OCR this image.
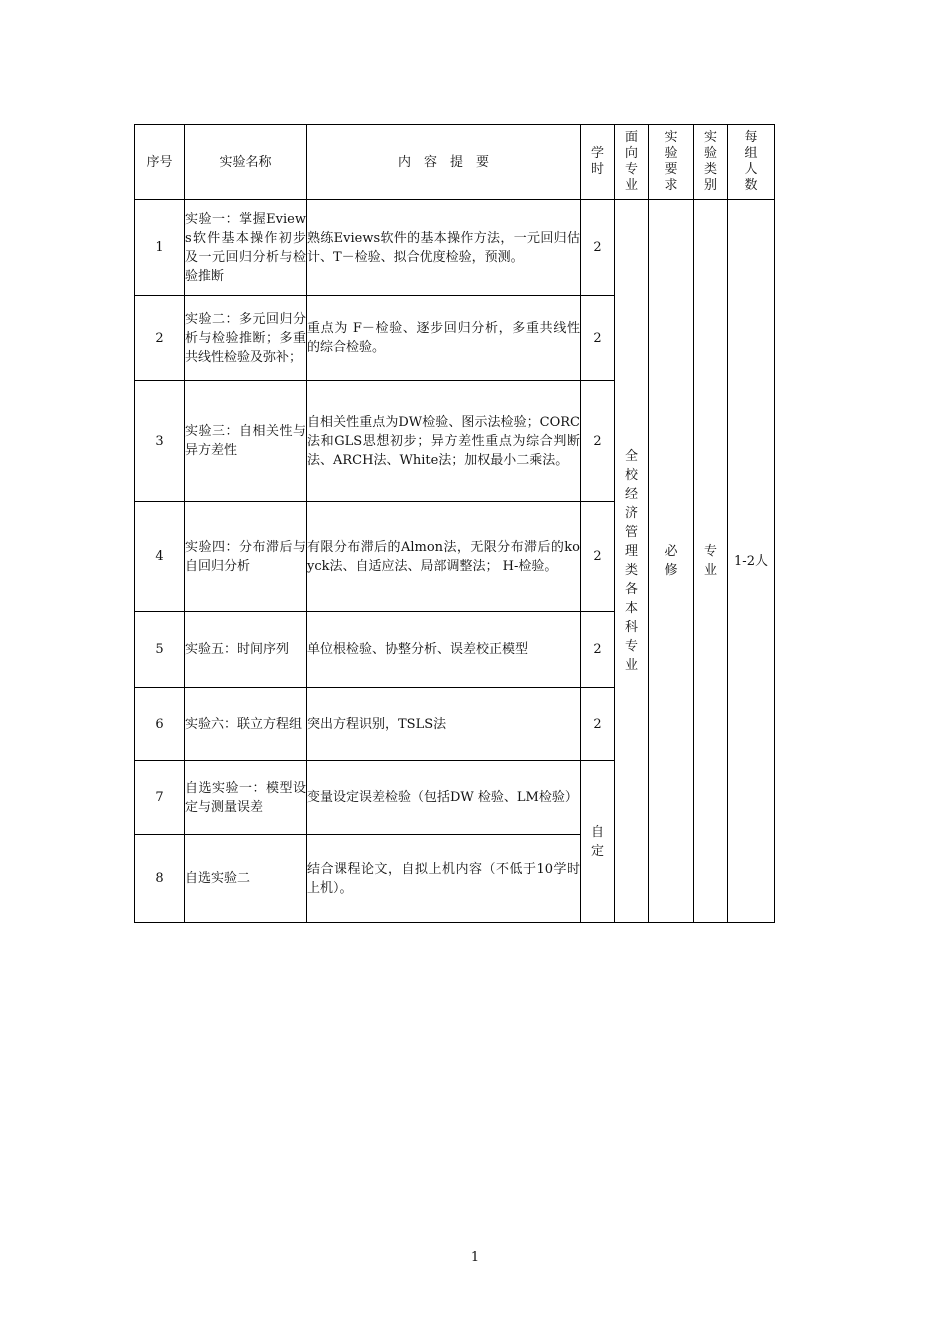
序号	实验名称	内　容　提　要	学时	面向专业	实验要求	实验类别	每组人数
1	实验一：掌握Eviews软件基本操作初步及一元回归分析与检验推断	熟练Eviews软件的基本操作方法，一元回归估计、T－检验、拟合优度检验，预测。	2	全校经济管理类各本科专业	必修	专业	1-2人
2	实验二：多元回归分析与检验推断；多重共线性检验及弥补；	重点为 F－检验、逐步回归分析，多重共线性的综合检验。	2				
3	实验三：自相关性与异方差性	自相关性重点为DW检验、图示法检验；CORC法和GLS思想初步；异方差性重点为综合判断法、ARCH法、White法；加权最小二乘法。	2				
4	实验四：分布滞后与自回归分析	有限分布滞后的Almon法，无限分布滞后的koyck法、自适应法、局部调整法； H-检验。	2				
5	实验五：时间序列	单位根检验、协整分析、误差校正模型	2				
6	实验六：联立方程组	突出方程识别，TSLS法	2				
7	自选实验一：模型设定与测量误差	变量设定误差检验（包括DW 检验、LM检验）	自定				
8	自选实验二	结合课程论文，自拟上机内容（不低于10学时上机）。					
1
